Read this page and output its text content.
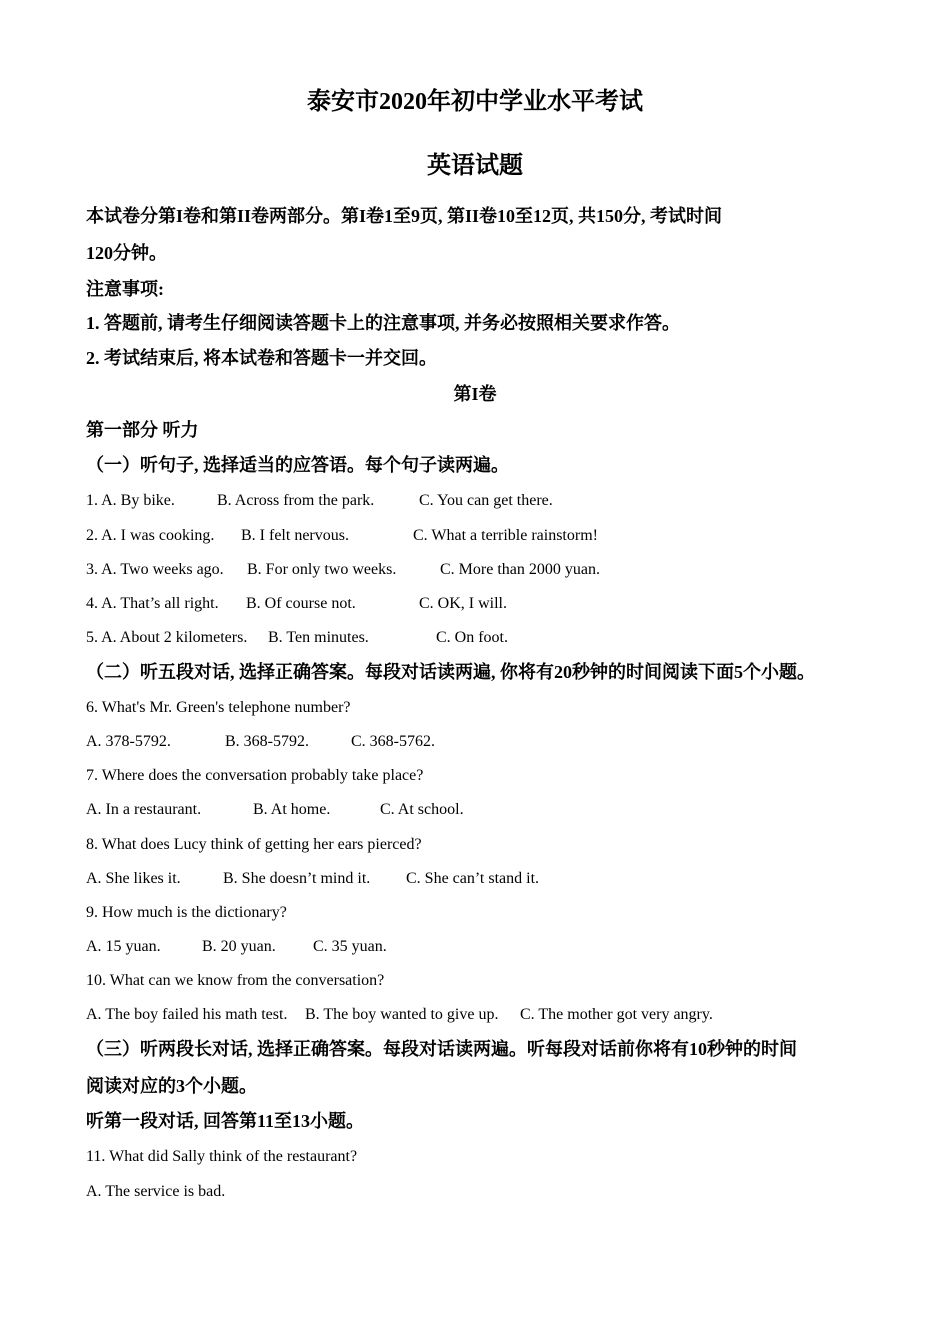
泰安市2020年初中学业水平考试
英语试题
本试卷分第I卷和第II卷两部分。第I卷1至9页, 第II卷10至12页, 共150分, 考试时间
120分钟。
注意事项:
1. 答题前, 请考生仔细阅读答题卡上的注意事项, 并务必按照相关要求作答。
2. 考试结束后, 将本试卷和答题卡一并交回。
第I卷
第一部分 听力
（一）听句子, 选择适当的应答语。每个句子读两遍。
1. A. By bike.	B. Across from the park.	C. You can get there.
2. A. I was cooking. B. I felt nervous.	C. What a terrible rainstorm!
3. A. Two weeks ago. B. For only two weeks.	C. More than 2000 yuan.
4. A. That’s all right. B. Of course not.	C. OK, I will.
5. A. About 2 kilometers. B. Ten minutes.	C. On foot.
（二）听五段对话, 选择正确答案。每段对话读两遍, 你将有20秒钟的时间阅读下面5个小题。
6. What's Mr. Green's telephone number?
A. 378-5792.	B. 368-5792.	C. 368-5762.
7. Where does the conversation probably take place?
A. In a restaurant.	B. At home.	C. At school.
8. What does Lucy think of getting her ears pierced?
A. She likes it.	B. She doesn’t mind it. C. She can’t stand it.
9. How much is the dictionary?
A. 15 yuan.	B. 20 yuan. C. 35 yuan.
10. What can we know from the conversation?
A. The boy failed his math test. B. The boy wanted to give up. C. The mother got very angry.
（三）听两段长对话, 选择正确答案。每段对话读两遍。听每段对话前你将有10秒钟的时间
阅读对应的3个小题。
听第一段对话, 回答第11至13小题。
11. What did Sally think of the restaurant?
A. The service is bad.
